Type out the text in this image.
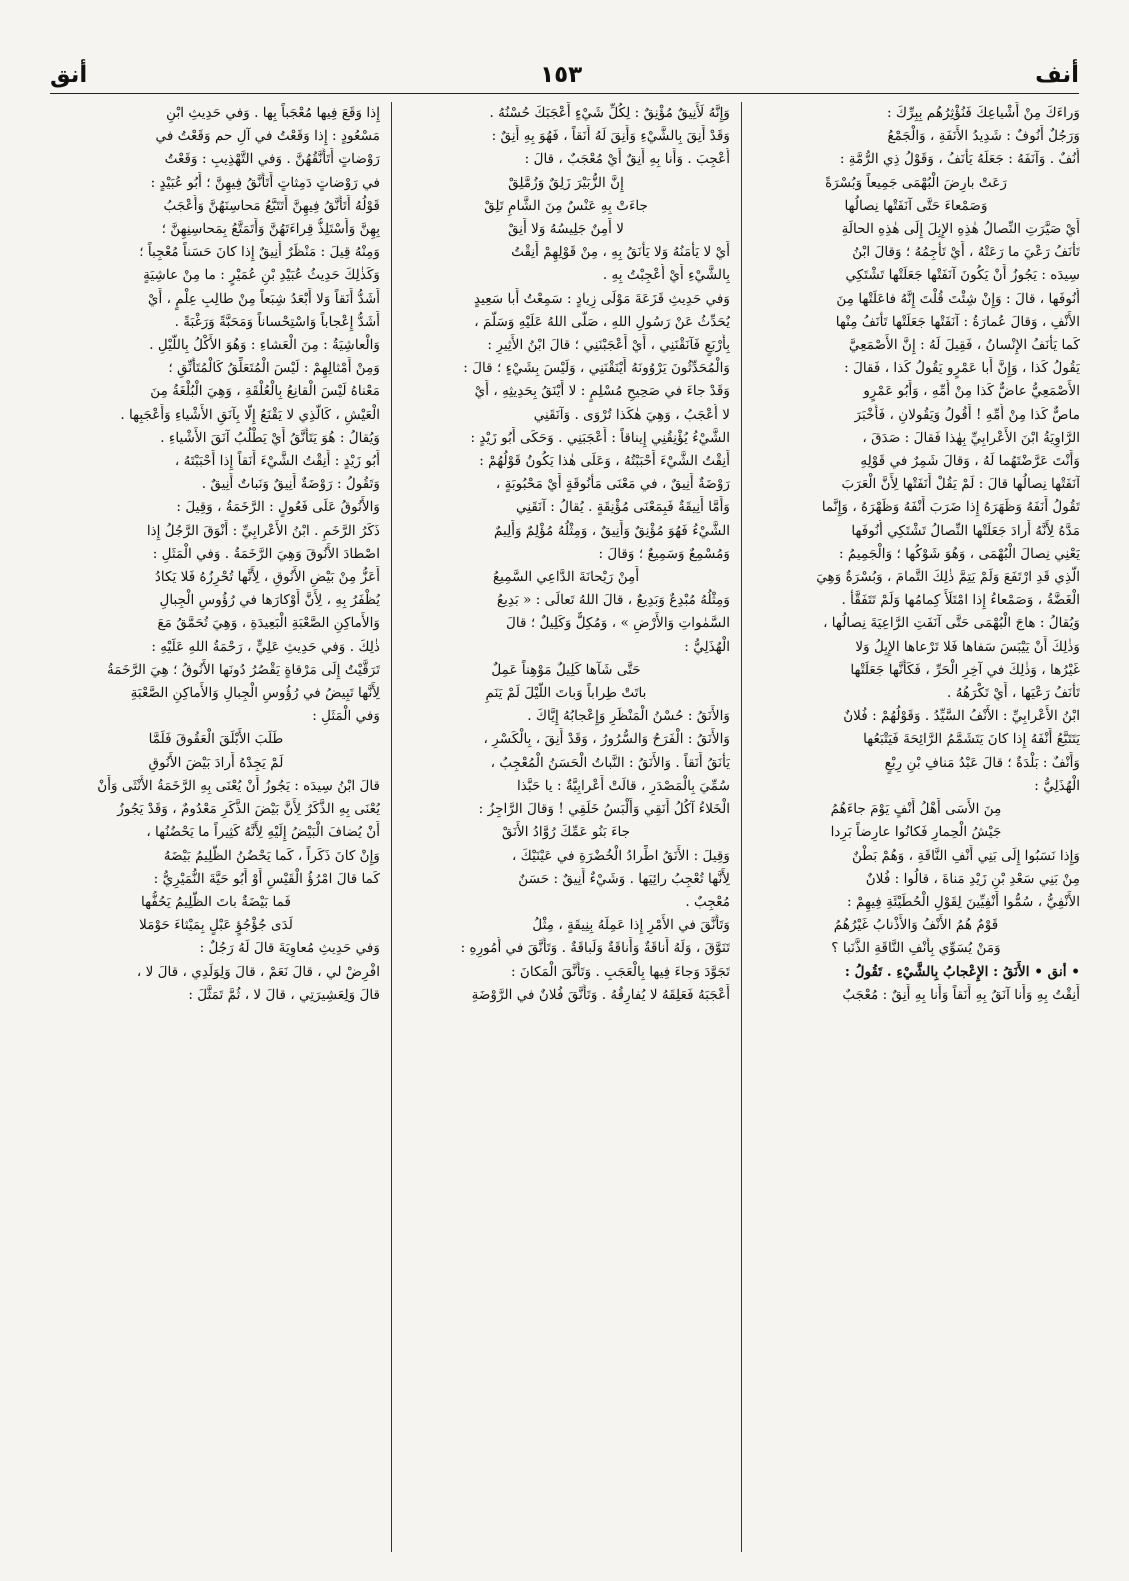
أنق	١٥٣	أنف
وَراءَكَ مِنْ أَشْياعِكَ فَنُؤْثِرُهُم بِبِرِّكَ :
وَرَجُلٌ أَنُوفٌ : شَدِيدُ الأَنَفَةِ ، وَالْجَمْعُ
أُنُفٌ . وَآنَفَهُ : جَعَلَهُ يَأْنَفُ ، وَقَوْلُ ذِي الرُّمَّةِ :
رَعَتْ بارِضَ الْبُهْمَى جَمِيعاً وَبُسْرَةً
وَصَمْعاءَ حَتَّى آنَفَتْها نِصالُها
أَيْ صَيَّرَتِ النِّصالُ هٰذِهِ الإِبِلَ إِلَى هٰذِهِ الحالَةِ
تَأْنَفُ رَعْيَ ما رَعَتْهُ ، أَيْ تَأْجِمُهُ ؛ وَقالَ ابْنُ
سِيدَه : يَجُوزُ أَنْ يَكُونَ آنَفَتْها جَعَلَتْها تَشْتَكِي
أُنُوفَها ، قالَ : وَإِنْ شِئْتَ قُلْتَ إِنَّهُ فاعَلَتْها مِنَ
الأَنْفِ ، وَقالَ عُمارَةُ : آنَفَتْها جَعَلَتْها تَأْنَفُ مِنْها
كَما يَأْنَفُ الإِنْسانُ ، فَقِيلَ لَهُ : إِنَّ الأَصْمَعِيَّ
يَقُولُ كَذا ، وَإِنَّ أَبا عَمْرٍو يَقُولُ كَذا ، فَقالَ :
الأَصْمَعِيُّ عاضٌّ كَذا مِنْ أُمِّهِ ، وَأَبُو عَمْرٍو
ماصٌّ كَذا مِنْ أُمِّهِ ! أَقُولُ وَيَقُولانِ ، فَأَخْبَرَ
الرَّاوِيَةُ ابْنَ الأَعْرابِيِّ بِهٰذا فَقالَ : صَدَقَ ،
وَأَنْتَ عَرَّضْتَهُما لَهُ ، وَقالَ شَمِرٌ في قَوْلِهِ
آنَفَتْها نِصالُها قالَ : لَمْ يَقُلْ أَنَفَتْها لِأَنَّ الْعَرَبَ
تَقُولُ أَنَفَهُ وَظَهَرَهُ إِذا ضَرَبَ أَنْفَهُ وَظَهْرَهُ ، وَإِنَّما
مَدَّهُ لِأَنَّهُ أَرادَ جَعَلَتْها النِّصالُ تَشْتَكِي أُنُوفَها
يَعْنِي نِصالَ الْبُهْمَى ، وَهُوَ شَوْكُها ؛ وَالْجَمِيمُ :
الَّذِي قَدِ ارْتَفَعَ وَلَمْ يَتِمَّ ذٰلِكَ التَّمامَ ، وَبُسْرَةٌ وَهِيَ
الْغَضَّةُ ، وَصَمْعاءُ إِذا امْتَلَأَ كِمامُها وَلَمْ تَتَفَقَّأْ .
وَيُقالُ : هاجَ الْبُهْمَى حَتَّى آنَفَتِ الرَّاعِيَةَ نِصالُها ،
وَذٰلِكَ أَنْ يَيْبَسَ سَفاها فَلا تَرْعاها الإِبِلُ وَلا
غَيْرُها ، وَذٰلِكَ في آخِرِ الْحَرِّ ، فَكَأَنَّها جَعَلَتْها
تَأْنَفُ رَعْيَها ، أَيْ تَكْرَهُهُ .
ابْنُ الأَعْرابِيِّ : الأَنْفُ السَّيِّدُ . وَقَوْلُهُمْ : فُلانٌ
يَتَتَبَّعُ أَنْفَهُ إِذا كانَ يَتَشَمَّمُ الرَّائِحَةَ فَيَتْبَعُها
وَأَنْفٌ : بَلْدَةٌ ؛ قالَ عَبْدُ مَنافِ بْنِ رِبْعٍ
الْهُذَلِيُّ :
مِنَ الأَسَى أَهْلُ أَنْفٍ يَوْمَ جاءَهُمُ
جَيْشُ الْحِمارِ فَكانُوا عارِضاً بَرِدا
وَإِذا نَسَبُوا إِلَى بَنِي أَنْفِ النَّاقَةِ ، وَهُمْ بَطْنٌ
مِنْ بَنِي سَعْدِ بْنِ زَيْدِ مَناةَ ، قالُوا : فُلانٌ
الأَنْفِيُّ ، سُمُّوا أَنْفِيِّينَ لِقَوْلِ الْحُطَيْئَةِ فِيهِمْ :
قَوْمٌ هُمُ الأَنْفُ وَالأَذْنابُ غَيْرُهُمُ
وَمَنْ يُسَوِّي بِأَنْفِ النَّاقَةِ الذَّنَبا ؟
• أنق • الأَنَقُ : الإِعْجابُ بِالشَّيْءِ . تَقُولُ :
أَنِقْتُ بِهِ وَأَنا آنَقُ بِهِ أَنَقاً وَأَنا بِهِ أَنِقٌ : مُعْجَبٌ
وَإِنَّهُ لَأَنِيقٌ مُؤْنِقٌ : لِكُلِّ شَيْءٍ أَعْجَبَكَ حُسْنُهُ .
وَقَدْ أَنِقَ بِالشَّيْءِ وَأَنِقَ لَهُ أَنَقاً ، فَهُوَ بِهِ أَنِقٌ :
أُعْجِبَ . وَأَنا بِهِ أَنِقٌ أَيْ مُعْجَبٌ ، قالَ :
إِنَّ الزُّبَيْرَ زَلِقٌ وَزُمَّلِقْ
جاءَتْ بِهِ عَنْسٌ مِنَ الشَّامِ تَلِقْ
لا أَمِنٌ جَلِيسُهُ وَلا أَنِقْ
أَيْ لا يَأْمَنُهُ وَلا يَأْنَقُ بِهِ ، مِنْ قَوْلِهِمْ أَنِقْتُ
بِالشَّيْءِ أَيْ أُعْجِبْتُ بِهِ .
وَفي حَدِيثِ قَزَعَةَ مَوْلَى زِيادٍ : سَمِعْتُ أَبا سَعِيدٍ
يُحَدِّثُ عَنْ رَسُولِ اللهِ ، صَلَّى اللهُ عَلَيْهِ وَسَلَّمَ ،
بِأَرْبَعٍ فَآنَقْنَنِي ، أَيْ أَعْجَبْنَنِي ؛ قالَ ابْنُ الأَثِيرِ :
وَالْمُحَدِّثُونَ يَرْوُونَهُ أَيْنَقْنَنِي ، وَلَيْسَ بِشَيْءٍ ؛ قالَ :
وَقَدْ جاءَ في صَحِيحِ مُسْلِمٍ : لا أَيْنَقُ بِحَدِيثِهِ ، أَيْ
لا أُعْجَبُ ، وَهِيَ هٰكَذا تُرْوَى . وَآنَقَنِي
الشَّيْءُ يُؤْنِقُنِي إِيناقاً : أَعْجَبَنِي . وَحَكَى أَبُو زَيْدٍ :
أَنِقْتُ الشَّيْءَ أَحْبَبْتُهُ ، وَعَلَى هٰذا يَكُونُ قَوْلُهُمْ :
رَوْضَةٌ أَنِيقٌ ، في مَعْنَى مَأْنُوقَةٍ أَيْ مَحْبُوبَةٍ ،
وَأَمَّا أَنِيقَةٌ فَبِمَعْنَى مُؤْنِقَةٍ . يُقالُ : آنَقَنِي
الشَّيْءُ فَهُوَ مُؤْنِقٌ وَأَنِيقٌ ، وَمِثْلُهُ مُؤْلِمٌ وَأَلِيمٌ
وَمُسْمِعٌ وَسَمِيعٌ ؛ وَقالَ :
أَمِنْ رَيْحانَةَ الدَّاعِي السَّمِيعُ
وَمِثْلُهُ مُبْدِعٌ وَبَدِيعٌ ، قالَ اللهُ تَعالَى : « بَدِيعُ
السَّمٰواتِ وَالأَرْضِ » ، وَمُكِلٌّ وَكَلِيلٌ ؛ قالَ
الْهُذَلِيُّ :
حَتَّى شَآها كَلِيلٌ مَوْهِناً عَمِلٌ
باتَتْ طِراباً وَباتَ اللَّيْلَ لَمْ يَنَمِ
وَالأَنَقُ : حُسْنُ الْمَنْظَرِ وَإِعْجابُهُ إِيَّاكَ .
وَالأَنَقُ : الْفَرَحُ وَالسُّرُورُ ، وَقَدْ أَنِقَ ، بِالْكَسْرِ ،
يَأْنَقُ أَنَقاً . وَالأَنَقُ : النَّباتُ الْحَسَنُ الْمُعْجِبُ ،
سُمِّيَ بِالْمَصْدَرِ ، قالَتْ أَعْرابِيَّةٌ : يا حَبَّذا
الْخَلاءُ آكُلُ أَنَقِي وَأَلْبَسُ خَلَقِي ! وَقالَ الرَّاجِزُ :
جاءَ بَنُو عَمِّكَ رُوَّادُ الأَنَقْ
وَقِيلَ : الأَنَقُ اطِّرادُ الْخُضْرَةِ في عَيْنَيْكَ ،
لِأَنَّها تُعْجِبُ رائِيَها . وَشَيْءٌ أَنِيقٌ : حَسَنٌ
مُعْجِبٌ .
وَتَأَنَّقَ في الأَمْرِ إِذا عَمِلَهُ بِنِيقَةٍ ، مِثْلُ
تَنَوَّقَ ، وَلَهُ أَناقَةٌ وَأَناقَةٌ وَلَباقَةٌ . وَتَأَنَّقَ في أُمُورِهِ :
تَجَوَّدَ وَجاءَ فِيها بِالْعَجَبِ . وَتَأَنَّقَ الْمَكانَ :
أَعْجَبَهُ فَعَلِقَهُ لا يُفارِقُهُ . وَتَأَنَّقَ فُلانٌ في الرَّوْضَةِ
إِذا وَقَعَ فِيها مُعْجَباً بِها . وَفي حَدِيثِ ابْنِ
مَسْعُودٍ : إِذا وَقَعْتُ في آلِ حم وَقَعْتُ في
رَوْضاتٍ أَتَأَنَّقُهُنَّ . وَفي التَّهْذِيبِ : وَقَعْتُ
في رَوْضاتٍ دَمِثاتٍ أَتَأَنَّقُ فِيهِنَّ ؛ أَبُو عُبَيْدٍ :
قَوْلُهُ أَتَأَنَّقُ فِيهِنَّ أَتَتَبَّعُ مَحاسِنَهُنَّ وَأُعْجَبُ
بِهِنَّ وَأَسْتَلِذُّ قِراءَتَهُنَّ وَأَتَمَتَّعُ بِمَحاسِنِهِنَّ ؛
وَمِنْهُ قِيلَ : مَنْظَرٌ أَنِيقٌ إِذا كانَ حَسَناً مُعْجِباً ؛
وَكَذٰلِكَ حَدِيثُ عُبَيْدِ بْنِ عُمَيْرٍ : ما مِنْ عاشِيَةٍ
أَشَدُّ أَنَقاً وَلا أَبْعَدُ شِبَعاً مِنْ طالِبِ عِلْمٍ ، أَيْ
أَشَدُّ إِعْجاباً وَاسْتِحْساناً وَمَحَبَّةً وَرَغْبَةً .
وَالْعاشِيَةُ : مِنَ الْعَشاءِ : وَهُوَ الأَكْلُ بِاللَّيْلِ .
وَمِنْ أَمْثالِهِمْ : لَيْسَ الْمُتَعَلِّقُ كَالْمُتَأَنِّقِ ؛
مَعْناهُ لَيْسَ الْقانِعُ بِالْعُلْقَةِ ، وَهِيَ الْبُلْغَةُ مِنَ
الْعَيْشِ ، كَالَّذِي لا يَقْنَعُ إِلَّا بِآنَقِ الأَشْياءِ وَأَعْجَبِها .
وَيُقالُ : هُوَ يَتَأَنَّقُ أَيْ يَطْلُبُ آنَقَ الأَشْياءِ .
أَبُو زَيْدٍ : أَنِقْتُ الشَّيْءَ أَنَقاً إِذا أَحْبَبْتَهُ ،
وَتَقُولُ : رَوْضَةٌ أَنِيقٌ وَنَباتٌ أَنِيقٌ .
وَالأَنُوقُ عَلَى فَعُولٍ : الرَّخَمَةُ ، وَقِيلَ :
ذَكَرُ الرَّخَمِ . ابْنُ الأَعْرابِيِّ : أَنْوَقَ الرَّجُلُ إِذا
اصْطادَ الأَنُوقَ وَهِيَ الرَّخَمَةُ . وَفي الْمَثَلِ :
أَعَزُّ مِنْ بَيْضِ الأَنُوقِ ، لِأَنَّها تُحْرِزُهُ فَلا يَكادُ
يُظْفَرُ بِهِ ، لِأَنَّ أَوْكارَها في رُؤُوسِ الْجِبالِ
وَالأَماكِنِ الصَّعْبَةِ الْبَعِيدَةِ ، وَهِيَ تُحَمَّقُ مَعَ
ذٰلِكَ . وَفي حَدِيثِ عَلِيٍّ ، رَحْمَةُ اللهِ عَلَيْهِ :
تَرَقَّيْتُ إِلَى مَرْقاةٍ يَقْصُرُ دُونَها الأَنُوقُ ؛ هِيَ الرَّخَمَةُ
لِأَنَّها تَبِيضُ في رُؤُوسِ الْجِبالِ وَالأَماكِنِ الصَّعْبَةِ
وَفي الْمَثَلِ :
طَلَبَ الأَبْلَقَ الْعَقُوقَ فَلَمَّا
لَمْ يَجِدْهُ أَرادَ بَيْضَ الأَنُوقِ
قالَ ابْنُ سِيدَه : يَجُوزُ أَنْ يُعْنَى بِهِ الرَّخَمَةُ الأُنْثَى وَأَنْ
يُعْنَى بِهِ الذَّكَرُ لِأَنَّ بَيْضَ الذَّكَرِ مَعْدُومٌ ، وَقَدْ يَجُوزُ
أَنْ يُضافَ الْبَيْضُ إِلَيْهِ لِأَنَّهُ كَثِيراً ما يَحْضُنُها ،
وَإِنْ كانَ ذَكَراً ، كَما يَحْضُنُ الظَّلِيمُ بَيْضَهُ
كَما قالَ امْرُؤُ الْقَيْسِ أَوْ أَبُو حَيَّةَ النُّمَيْرِيُّ :
فَما بَيْضَةٌ باتَ الظَّلِيمُ يَحُفُّها
لَدَى جُؤْجُؤٍ عَبْلٍ بِمَيْثاءَ حَوْمَلا
وَفي حَدِيثِ مُعاوِيَةَ قالَ لَهُ رَجُلٌ :
افْرِضْ لي ، قالَ نَعَمْ ، قالَ وَلِوَلَدِي ، قالَ لا ،
قالَ وَلِعَشِيرَتِي ، قالَ لا ، ثُمَّ تَمَثَّلَ :
